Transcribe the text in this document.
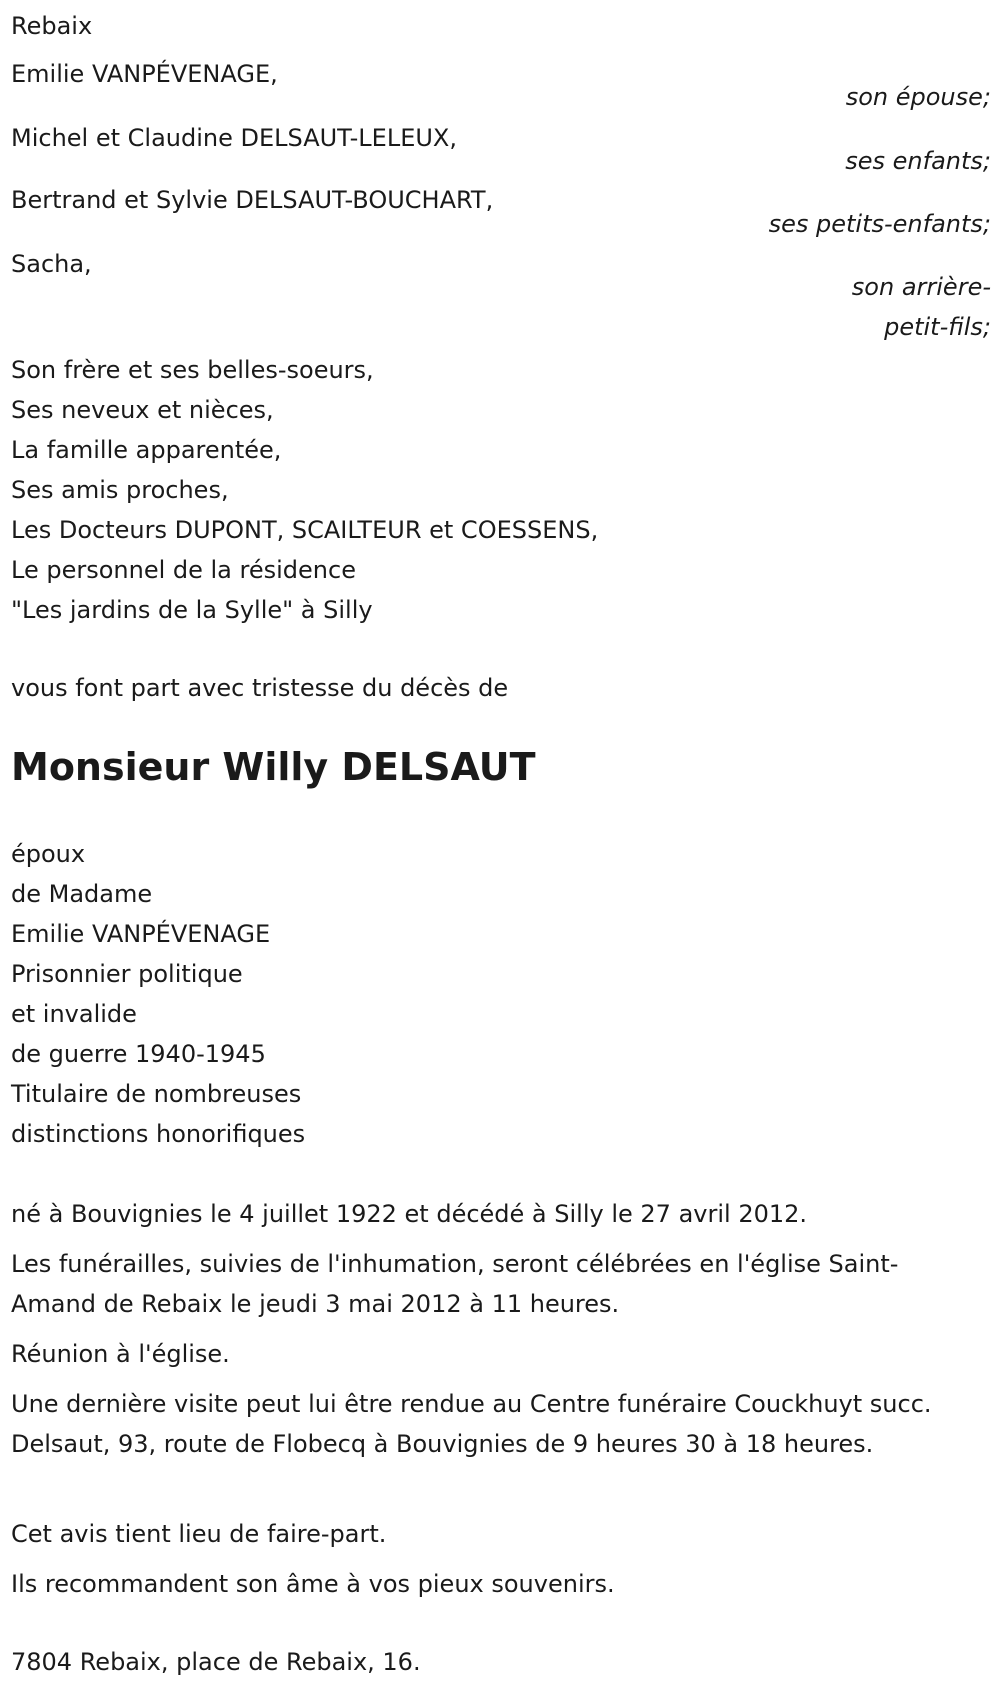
Rebaix
Emilie VANPÉVENAGE,
son épouse;
Michel et Claudine DELSAUT-LELEUX,
ses enfants;
Bertrand et Sylvie DELSAUT-BOUCHART,
ses petits-enfants;
Sacha,
son arrière-
petit-fils;
Son frère et ses belles-soeurs,
Ses neveux et nièces,
La famille apparentée,
Ses amis proches,
Les Docteurs DUPONT, SCAILTEUR et COESSENS,
Le personnel de la résidence
"Les jardins de la Sylle" à Silly
vous font part avec tristesse du décès de
Monsieur Willy DELSAUT
époux
de Madame
Emilie VANPÉVENAGE
Prisonnier politique
et invalide
de guerre 1940-1945
Titulaire de nombreuses
distinctions honorifiques
né à Bouvignies le 4 juillet 1922 et décédé à Silly le 27 avril 2012.
Les funérailles, suivies de l'inhumation, seront célébrées en l'église Saint-Amand de Rebaix le jeudi 3 mai 2012 à 11 heures.
Réunion à l'église.
Une dernière visite peut lui être rendue au Centre funéraire Couckhuyt succ. Delsaut, 93, route de Flobecq à Bouvignies de 9 heures 30 à 18 heures.
Cet avis tient lieu de faire-part.
Ils recommandent son âme à vos pieux souvenirs.
7804 Rebaix, place de Rebaix, 16.
